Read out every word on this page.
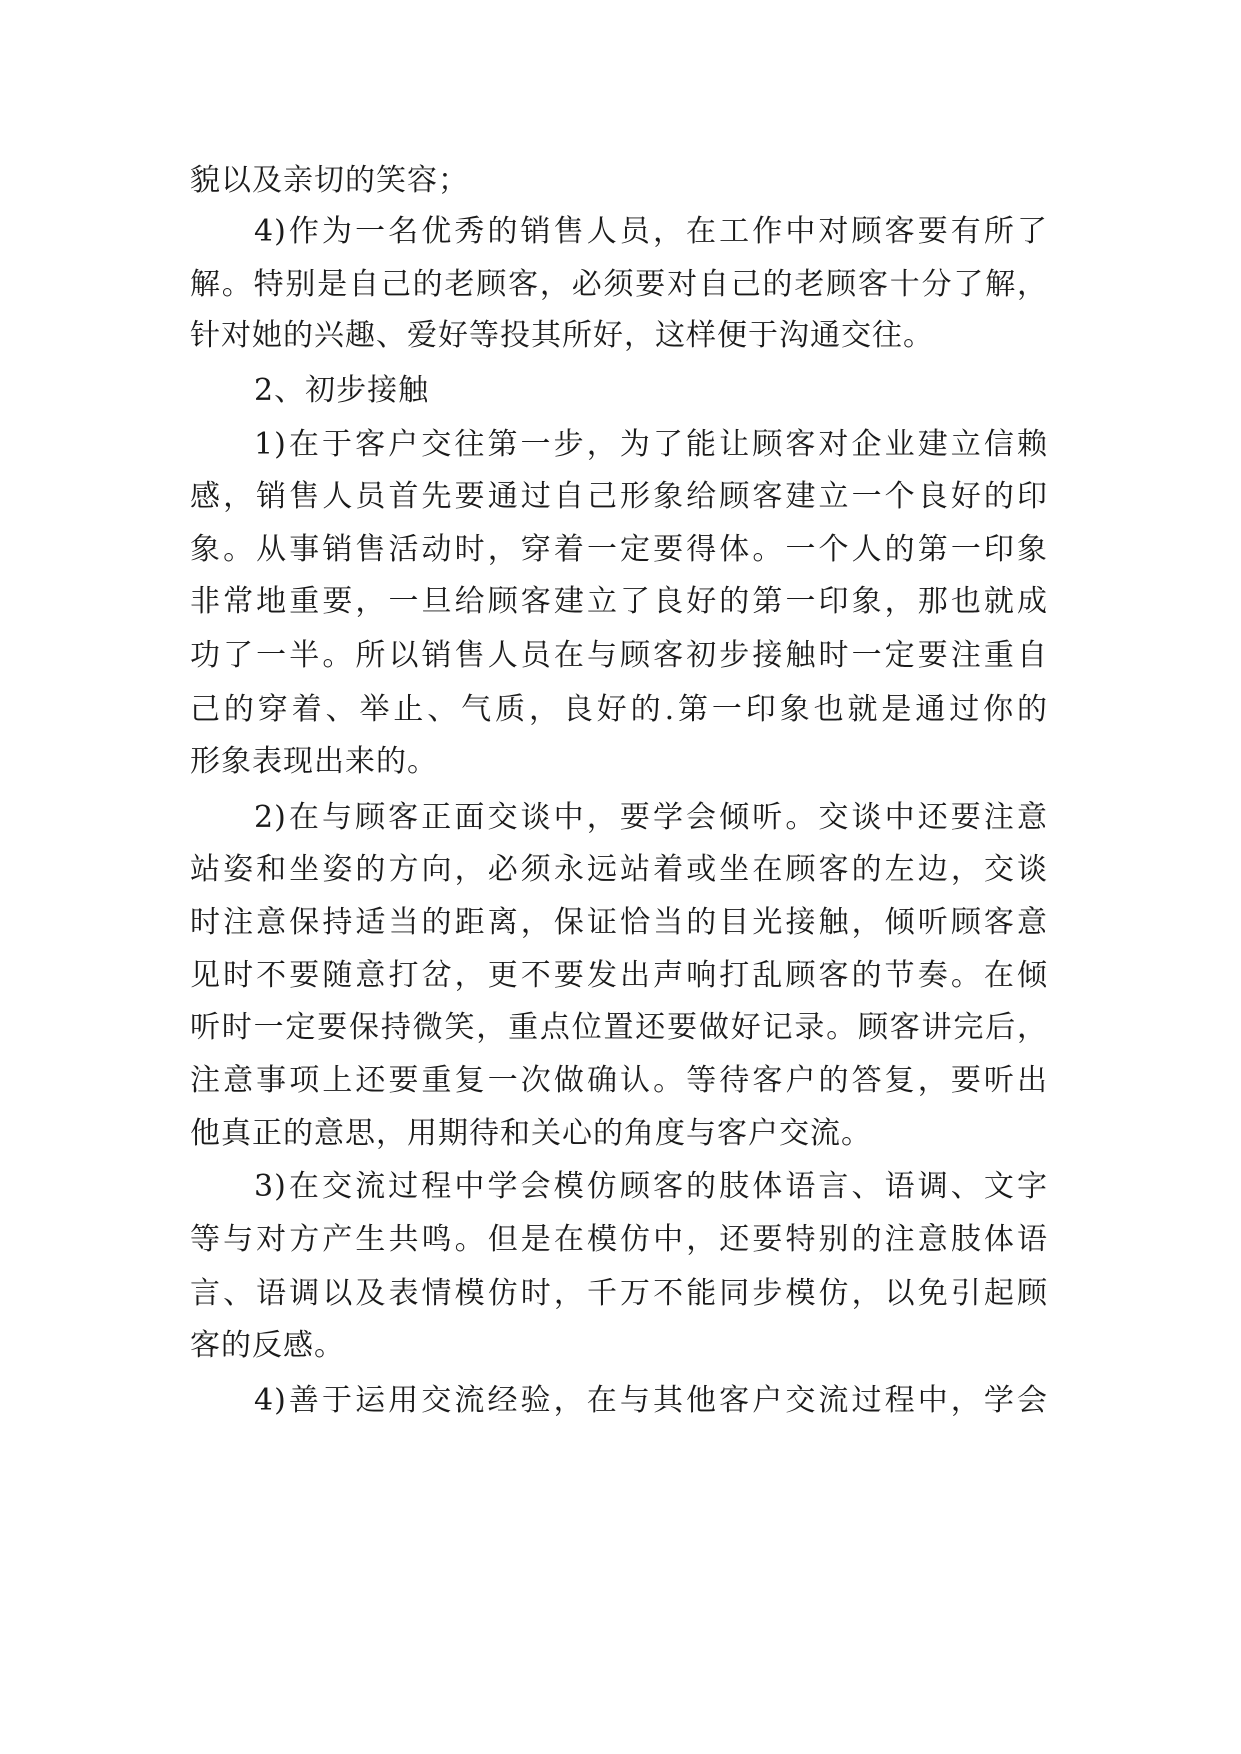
貌以及亲切的笑容；
4)作为一名优秀的销售人员，在工作中对顾客要有所了
解。特别是自己的老顾客，必须要对自己的老顾客十分了解，
针对她的兴趣、爱好等投其所好，这样便于沟通交往。
2、初步接触
1)在于客户交往第一步，为了能让顾客对企业建立信赖
感，销售人员首先要通过自己形象给顾客建立一个良好的印
象。从事销售活动时，穿着一定要得体。一个人的第一印象
非常地重要，一旦给顾客建立了良好的第一印象，那也就成
功了一半。所以销售人员在与顾客初步接触时一定要注重自
己的穿着、举止、气质，良好的.第一印象也就是通过你的
形象表现出来的。
2)在与顾客正面交谈中，要学会倾听。交谈中还要注意
站姿和坐姿的方向，必须永远站着或坐在顾客的左边，交谈
时注意保持适当的距离，保证恰当的目光接触，倾听顾客意
见时不要随意打岔，更不要发出声响打乱顾客的节奏。在倾
听时一定要保持微笑，重点位置还要做好记录。顾客讲完后，
注意事项上还要重复一次做确认。等待客户的答复，要听出
他真正的意思，用期待和关心的角度与客户交流。
3)在交流过程中学会模仿顾客的肢体语言、语调、文字
等与对方产生共鸣。但是在模仿中，还要特别的注意肢体语
言、语调以及表情模仿时，千万不能同步模仿，以免引起顾
客的反感。
4)善于运用交流经验，在与其他客户交流过程中，学会
